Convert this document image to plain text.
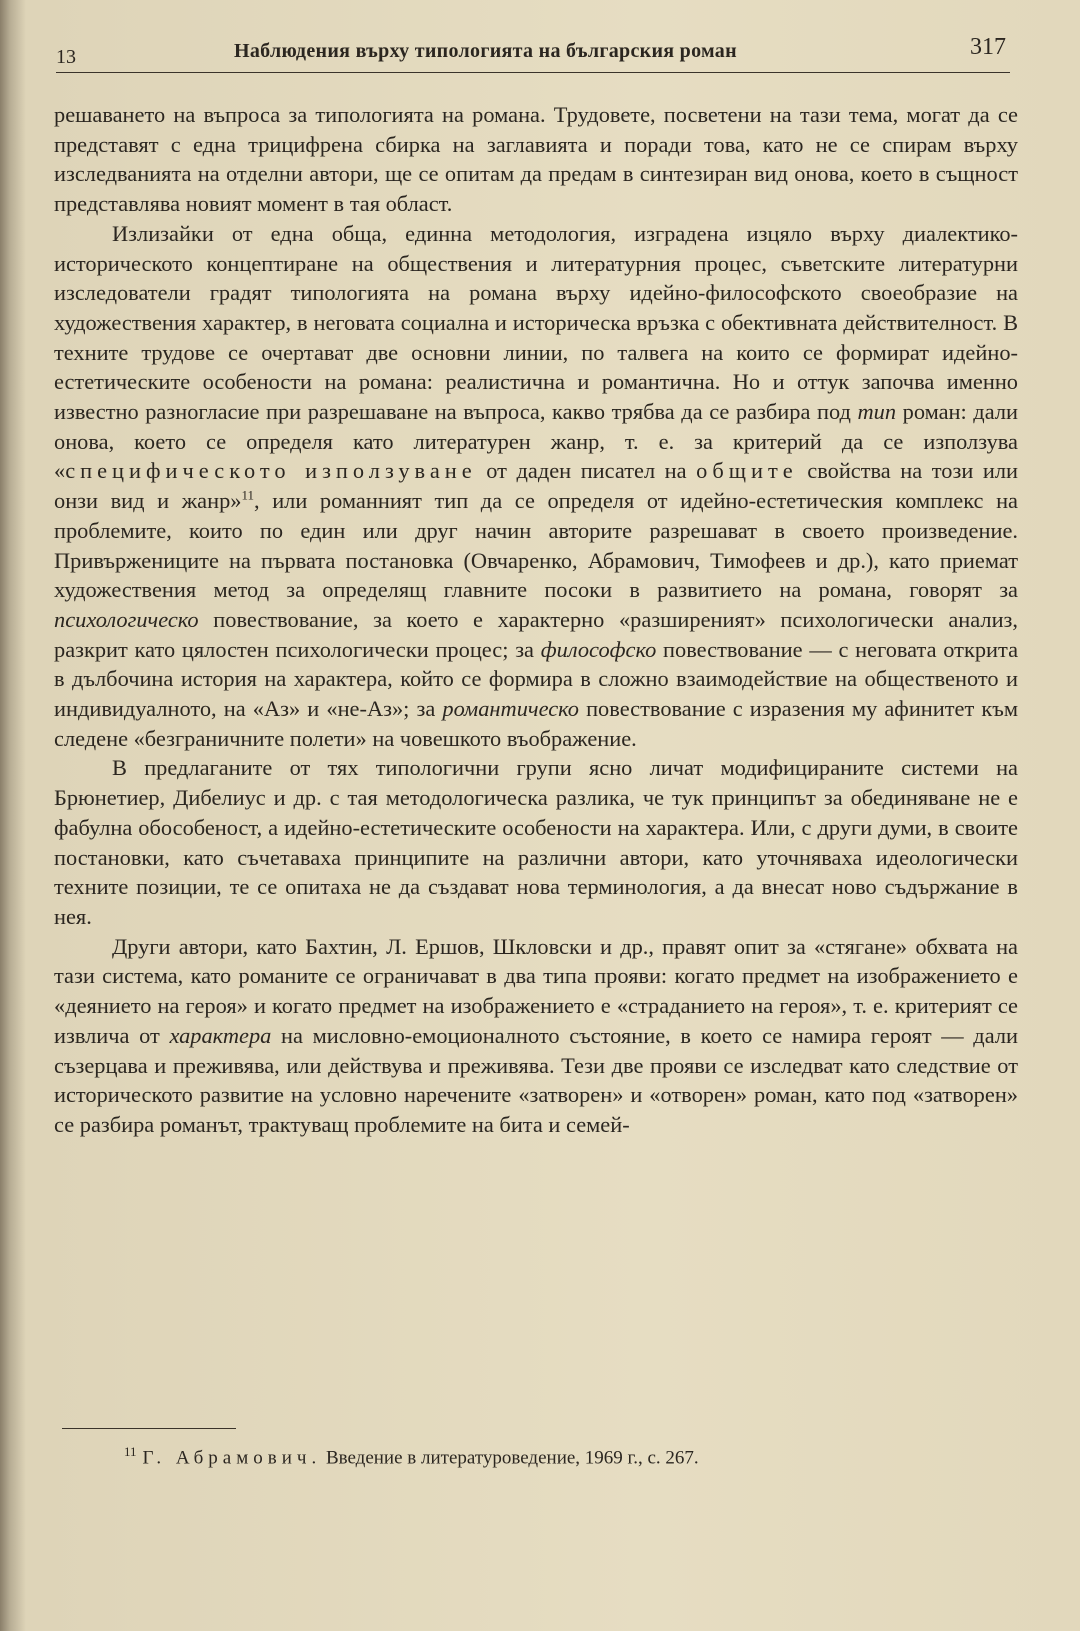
13	Наблюдения върху типологията на българския роман	317

решаването на въпроса за типологията на романа. Трудовете, посветени на тази тема, могат да се представят с една трицифрена сбирка на заглавията и поради това, като не се спирам върху изследванията на отделни автори, ще се опитам да предам в синтезиран вид онова, което в същност представлява новият момент в тая област.

Излизайки от една обща, единна методология, изградена изцяло върху диалектико-историческото концептиране на обществения и литературния процес, съветските литературни изследователи градят типологията на романа върху идейно-философското своеобразие на художествения характер, в неговата социална и историческа връзка с обективната действителност. В техните трудове се очертават две основни линии, по талвега на които се формират идейно-естетическите особености на романа: реалистична и романтична. Но и оттук започва именно известно разногласие при разрешаване на въпроса, какво трябва да се разбира под тип роман: дали онова, което се определя като литературен жанр, т. е. за критерий да се използува «специфическото използуване от даден писател на общите свойства на този или онзи вид и жанр»$^{11}$, или романният тип да се определя от идейно-естетическия комплекс на проблемите, които по един или друг начин авторите разрешават в своето произведение. Привържениците на първата постановка (Овчаренко, Абрамович, Тимофеев и др.), като приемат художествения метод за определящ главните посоки в развитието на романа, говорят за психологическо повествование, за което е характерно «разширеният» психологически анализ, разкрит като цялостен психологически процес; за философско повествование — с неговата открита в дълбочина история на характера, който се формира в сложно взаимодействие на общественото и индивидуалното, на «Аз» и «не-Аз»; за романтическо повествование с изразения му афинитет към следене «безграничните полети» на човешкото въображение.

В предлаганите от тях типологични групи ясно личат модифицираните системи на Брюнетиер, Дибелиус и др. с тая методологическа разлика, че тук принципът за обединяване не е фабулна обособеност, а идейно-естетическите особености на характера. Или, с други думи, в своите постановки, като съчетаваха принципите на различни автори, като уточняваха идеологически техните позиции, те се опитаха не да създават нова терминология, а да внесат ново съдържание в нея.

Други автори, като Бахтин, Л. Ершов, Шкловски и др., правят опит за «стягане» обхвата на тази система, като романите се ограничават в два типа прояви: когато предмет на изображението е «деянието на героя» и когато предмет на изображението е «страданието на героя», т. е. критерият се извлича от характера на мисловно-емоционалното състояние, в което се намира героят — дали съзерцава и преживява, или действува и преживява. Тези две прояви се изследват като следствие от историческото развитие на условно наречените «затворен» и «отворен» роман, като под «затворен» се разбира романът, трактуващ проблемите на бита и семей-

$^{11}$ Г. Абрамович. Введение в литературоведение, 1969 г., с. 267.
